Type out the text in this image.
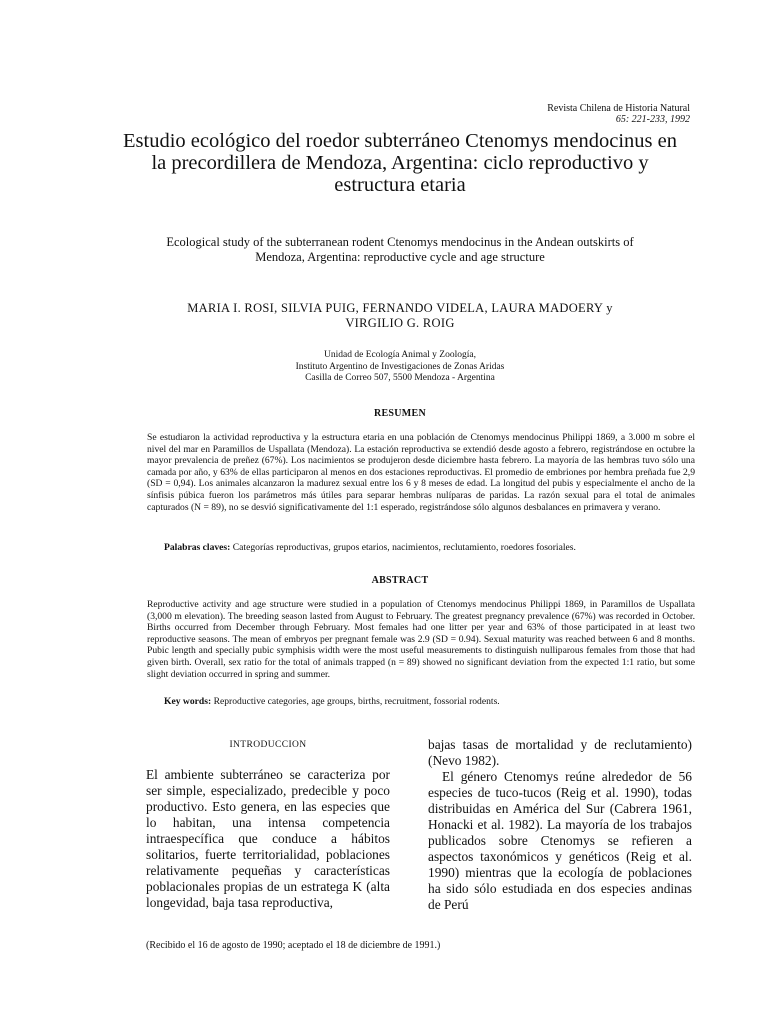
Revista Chilena de Historia Natural
65: 221-233, 1992
Estudio ecológico del roedor subterráneo Ctenomys mendocinus en la precordillera de Mendoza, Argentina: ciclo reproductivo y estructura etaria
Ecological study of the subterranean rodent Ctenomys mendocinus in the Andean outskirts of Mendoza, Argentina: reproductive cycle and age structure
MARIA I. ROSI, SILVIA PUIG, FERNANDO VIDELA, LAURA MADOERY y VIRGILIO G. ROIG
Unidad de Ecología Animal y Zoología,
Instituto Argentino de Investigaciones de Zonas Aridas
Casilla de Correo 507, 5500 Mendoza - Argentina
RESUMEN
Se estudiaron la actividad reproductiva y la estructura etaria en una población de Ctenomys mendocinus Philippi 1869, a 3.000 m sobre el nivel del mar en Paramillos de Uspallata (Mendoza). La estación reproductiva se extendió desde agosto a febrero, registrándose en octubre la mayor prevalencia de preñez (67%). Los nacimientos se produjeron desde diciembre hasta febrero. La mayoría de las hembras tuvo sólo una camada por año, y 63% de ellas participaron al menos en dos estaciones reproductivas. El promedio de embriones por hembra preñada fue 2,9 (SD = 0,94). Los animales alcanzaron la madurez sexual entre los 6 y 8 meses de edad. La longitud del pubis y especialmente el ancho de la sínfisis púbica fueron los parámetros más útiles para separar hembras nulíparas de paridas. La razón sexual para el total de animales capturados (N = 89), no se desvió significativamente del 1:1 esperado, registrándose sólo algunos desbalances en primavera y verano.
Palabras claves: Categorías reproductivas, grupos etarios, nacimientos, reclutamiento, roedores fosoriales.
ABSTRACT
Reproductive activity and age structure were studied in a population of Ctenomys mendocinus Philippi 1869, in Paramillos de Uspallata (3,000 m elevation). The breeding season lasted from August to February. The greatest pregnancy prevalence (67%) was recorded in October. Births occurred from December through February. Most females had one litter per year and 63% of those participated in at least two reproductive seasons. The mean of embryos per pregnant female was 2.9 (SD = 0.94). Sexual maturity was reached between 6 and 8 months. Pubic length and specially pubic symphisis width were the most useful measurements to distinguish nulliparous females from those that had given birth. Overall, sex ratio for the total of animals trapped (n = 89) showed no significant deviation from the expected 1:1 ratio, but some slight deviation occurred in spring and summer.
Key words: Reproductive categories, age groups, births, recruitment, fossorial rodents.
INTRODUCCION
El ambiente subterráneo se caracteriza por ser simple, especializado, predecible y poco productivo. Esto genera, en las especies que lo habitan, una intensa competencia intraespecífica que conduce a hábitos solitarios, fuerte territorialidad, poblaciones relativamente pequeñas y características poblacionales propias de un estratega K (alta longevidad, baja tasa reproductiva,
bajas tasas de mortalidad y de reclutamiento) (Nevo 1982).
El género Ctenomys reúne alrededor de 56 especies de tuco-tucos (Reig et al. 1990), todas distribuidas en América del Sur (Cabrera 1961, Honacki et al. 1982). La mayoría de los trabajos publicados sobre Ctenomys se refieren a aspectos taxonómicos y genéticos (Reig et al. 1990) mientras que la ecología de poblaciones ha sido sólo estudiada en dos especies andinas de Perú
(Recibido el 16 de agosto de 1990; aceptado el 18 de diciembre de 1991.)
